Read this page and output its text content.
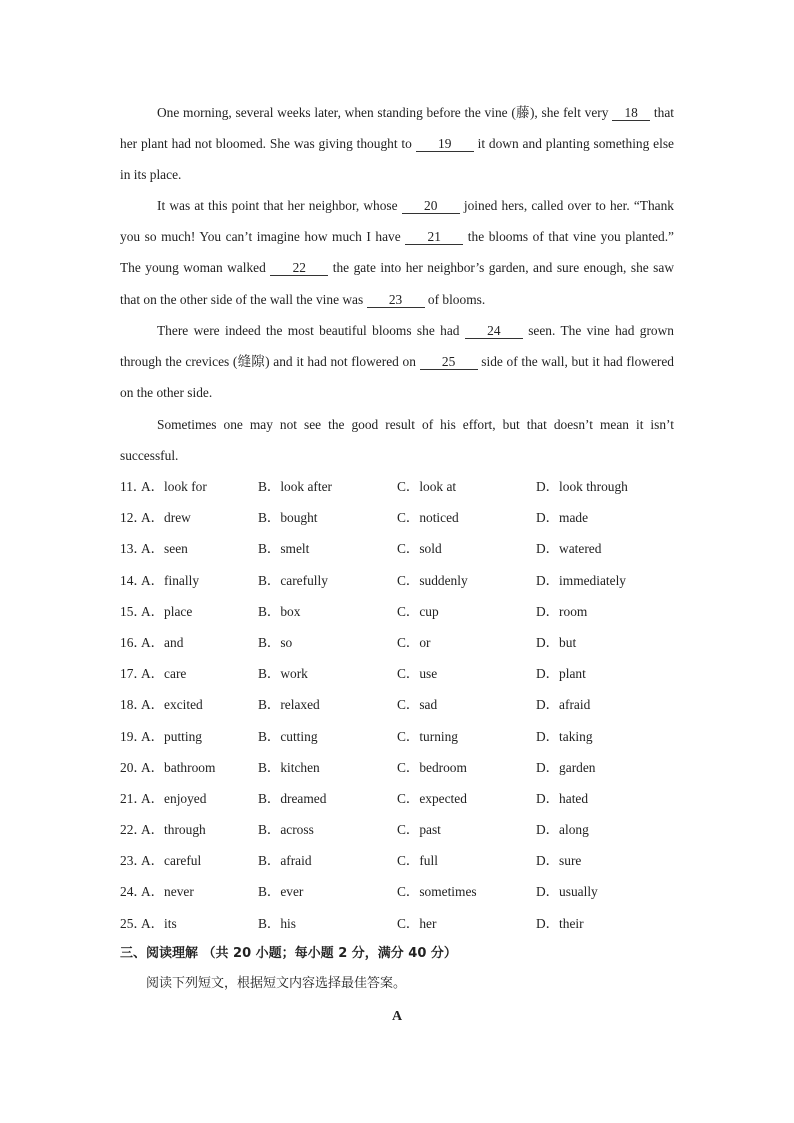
One morning, several weeks later, when standing before the vine (藤), she felt very 18 that her plant had not bloomed. She was giving thought to 19 it down and planting something else in its place.

It was at this point that her neighbor, whose 20 joined hers, called over to her. “Thank you so much! You can’t imagine how much I have 21 the blooms of that vine you planted.” The young woman walked 22 the gate into her neighbor’s garden, and sure enough, she saw that on the other side of the wall the vine was 23 of blooms.

There were indeed the most beautiful blooms she had 24 seen. The vine had grown through the crevices (缝隙) and it had not flowered on 25 side of the wall, but it had flowered on the other side.

Sometimes one may not see the good result of his effort, but that doesn’t mean it isn’t successful.

11．
A．look for	B．look after	C．look at	D．look through
12．
A．drew	B．bought	C．noticed	D．made
13．
A．seen	B．smelt	C．sold	D．watered
14．
A．finally	B．carefully	C．suddenly	D．immediately
15．
A．place	B．box	C．cup	D．room
16．
A．and	B．so	C．or	D．but
17．
A．care	B．work	C．use	D．plant
18．
A．excited	B．relaxed	C．sad	D．afraid
19．
A．putting	B．cutting	C．turning	D．taking
20．
A．bathroom	B．kitchen	C．bedroom	D．garden
21．
A．enjoyed	B．dreamed	C．expected	D．hated
22．
A．through	B．across	C．past	D．along
23．
A．careful	B．afraid	C．full	D．sure
24．
A．never	B．ever	C．sometimes	D．usually
25．
A．its	B．his	C．her	D．their

三、阅读理解 （共 20 小题；每小题 2 分，满分 40 分）

阅读下列短文，根据短文内容选择最佳答案。

A
